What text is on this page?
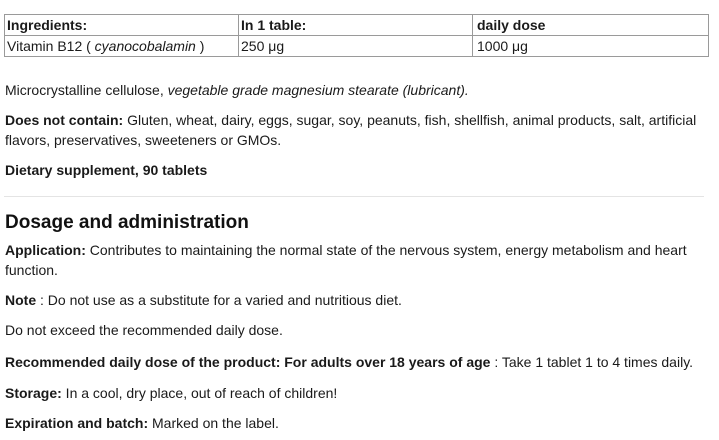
Ingredients:	In 1 table:	daily dose
Vitamin B12 ( cyanocobalamin )	250 μg	1000 μg

Microcrystalline cellulose, vegetable grade magnesium stearate (lubricant).

Does not contain: Gluten, wheat, dairy, eggs, sugar, soy, peanuts, fish, shellfish, animal products, salt, artificial flavors, preservatives, sweeteners or GMOs.

Dietary supplement, 90 tablets

Dosage and administration

Application: Contributes to maintaining the normal state of the nervous system, energy metabolism and heart function.

Note : Do not use as a substitute for a varied and nutritious diet.

Do not exceed the recommended daily dose.

Recommended daily dose of the product: For adults over 18 years of age : Take 1 tablet 1 to 4 times daily.

Storage: In a cool, dry place, out of reach of children!

Expiration and batch: Marked on the label.
